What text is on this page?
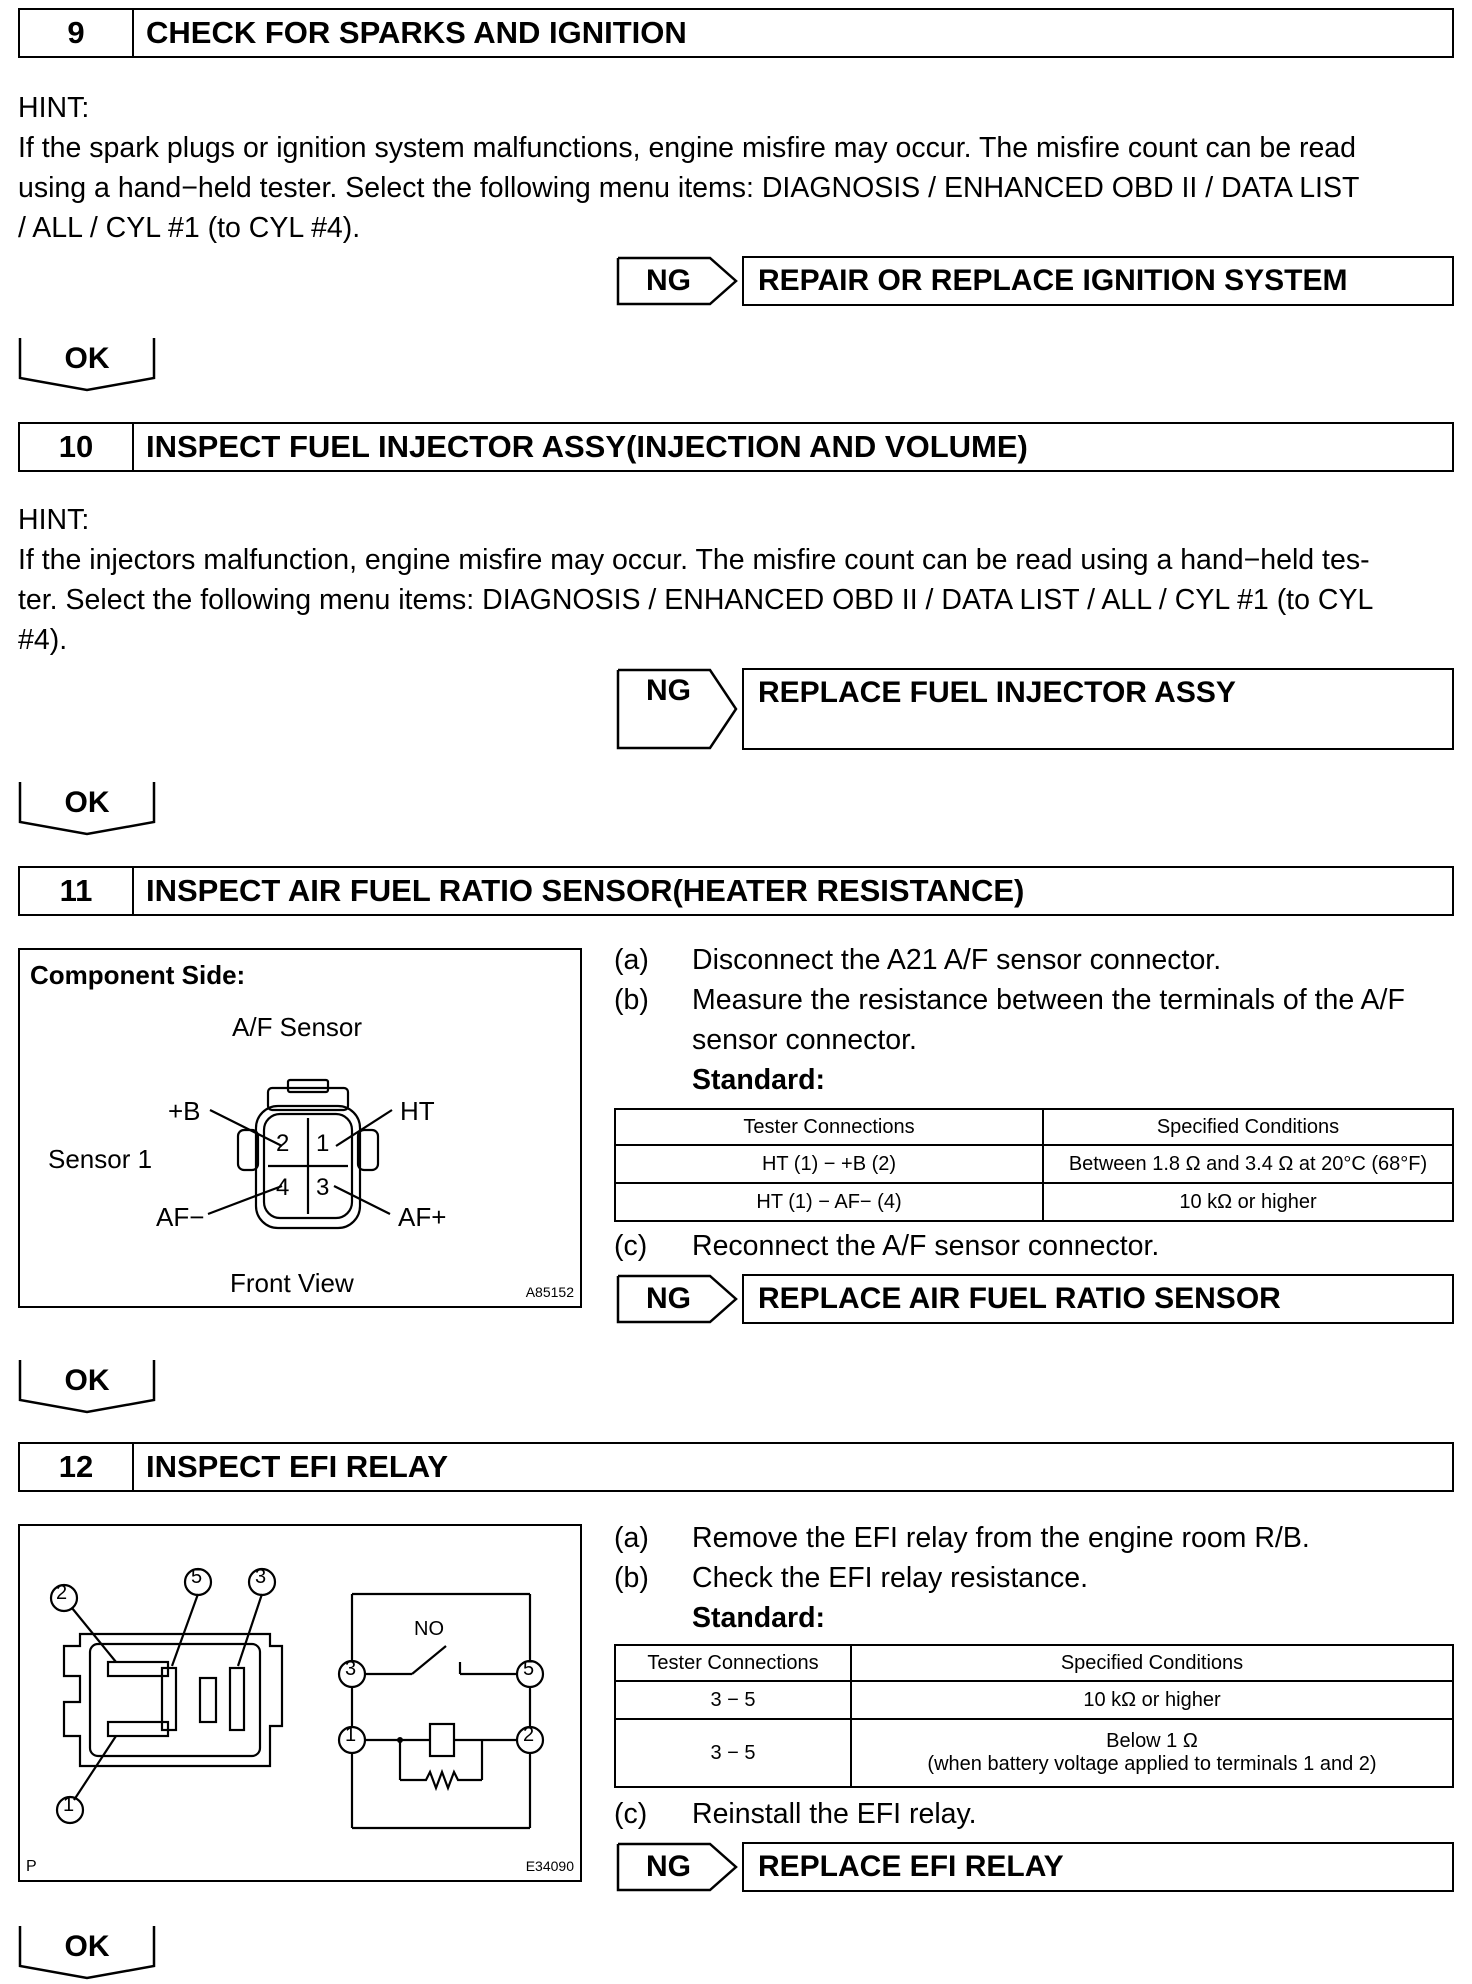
9	CHECK FOR SPARKS AND IGNITION
HINT:
If the spark plugs or ignition system malfunctions, engine misfire may occur. The misfire count can be read
using a hand−held tester. Select the following menu items: DIAGNOSIS / ENHANCED OBD II / DATA LIST
/ ALL / CYL #1 (to CYL #4).
NG	REPAIR OR REPLACE IGNITION SYSTEM
OK
10	INSPECT FUEL INJECTOR ASSY(INJECTION AND VOLUME)
HINT:
If the injectors malfunction, engine misfire may occur. The misfire count can be read using a hand−held tes-
ter. Select the following menu items: DIAGNOSIS / ENHANCED OBD II / DATA LIST / ALL / CYL #1 (to CYL
#4).
NG	REPLACE FUEL INJECTOR ASSY
OK
11	INSPECT AIR FUEL RATIO SENSOR(HEATER RESISTANCE)
Component Side:
A/F Sensor
Sensor 1
+B	HT
AF−	AF+
2 1
4 3
Front View	A85152
(a)	Disconnect the A21 A/F sensor connector.
(b)	Measure the resistance between the terminals of the A/F
sensor connector.
Standard:
Tester Connections	Specified Conditions
HT (1) − +B (2)	Between 1.8 Ω and 3.4 Ω at 20°C (68°F)
HT (1) − AF− (4)	10 kΩ or higher
(c)	Reconnect the A/F sensor connector.
NG	REPLACE AIR FUEL RATIO SENSOR
OK
12	INSPECT EFI RELAY
2
5	3
1
3	5
1	2
NO
P	E34090
(a)	Remove the EFI relay from the engine room R/B.
(b)	Check the EFI relay resistance.
Standard:
Tester Connections	Specified Conditions
3 − 5	10 kΩ or higher
3 − 5	Below 1 Ω
(when battery voltage applied to terminals 1 and 2)
(c)	Reinstall the EFI relay.
NG	REPLACE EFI RELAY
OK
